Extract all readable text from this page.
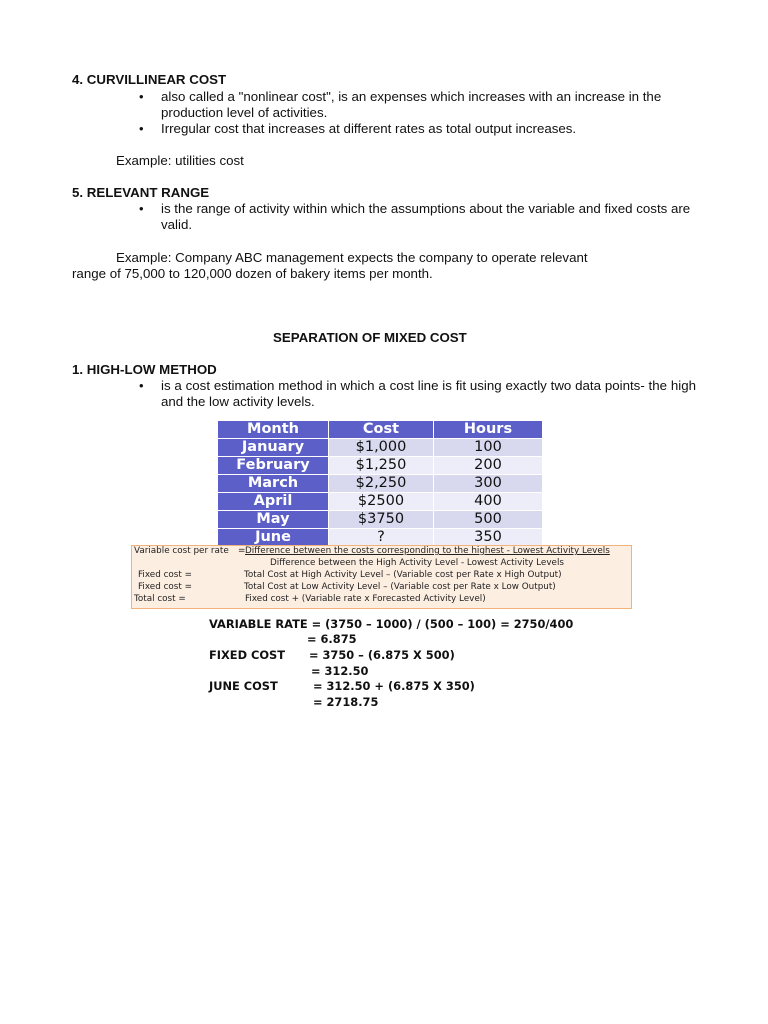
4. CURVILLINEAR COST
• also called a "nonlinear cost", is an expenses which increases with an increase in the production level of activities.
• Irregular cost that increases at different rates as total output increases.
Example: utilities cost
5. RELEVANT RANGE
• is the range of activity within which the assumptions about the variable and fixed costs are valid.
Example: Company ABC management expects the company to operate relevant
range of 75,000 to 120,000 dozen of bakery items per month.
SEPARATION OF MIXED COST
1. HIGH-LOW METHOD
• is a cost estimation method in which a cost line is fit using exactly two data points- the high and the low activity levels.
Month	Cost	Hours
January	$1,000	100
February	$1,250	200
March	$2,250	300
April	$2500	400
May	$3750	500
June	?	350
Variable cost per rate = Difference between the costs corresponding to the highest - Lowest Activity Levels
Difference between the High Activity Level - Lowest Activity Levels
Fixed cost =	Total Cost at High Activity Level – (Variable cost per Rate x High Output)
Fixed cost =	Total Cost at Low Activity Level – (Variable cost per Rate x Low Output)
Total cost =	Fixed cost + (Variable rate x Forecasted Activity Level)
VARIABLE RATE = (3750 – 1000) / (500 – 100) = 2750/400
= 6.875
FIXED COST = 3750 – (6.875 X 500)
= 312.50
JUNE COST	= 312.50 + (6.875 X 350)
= 2718.75
